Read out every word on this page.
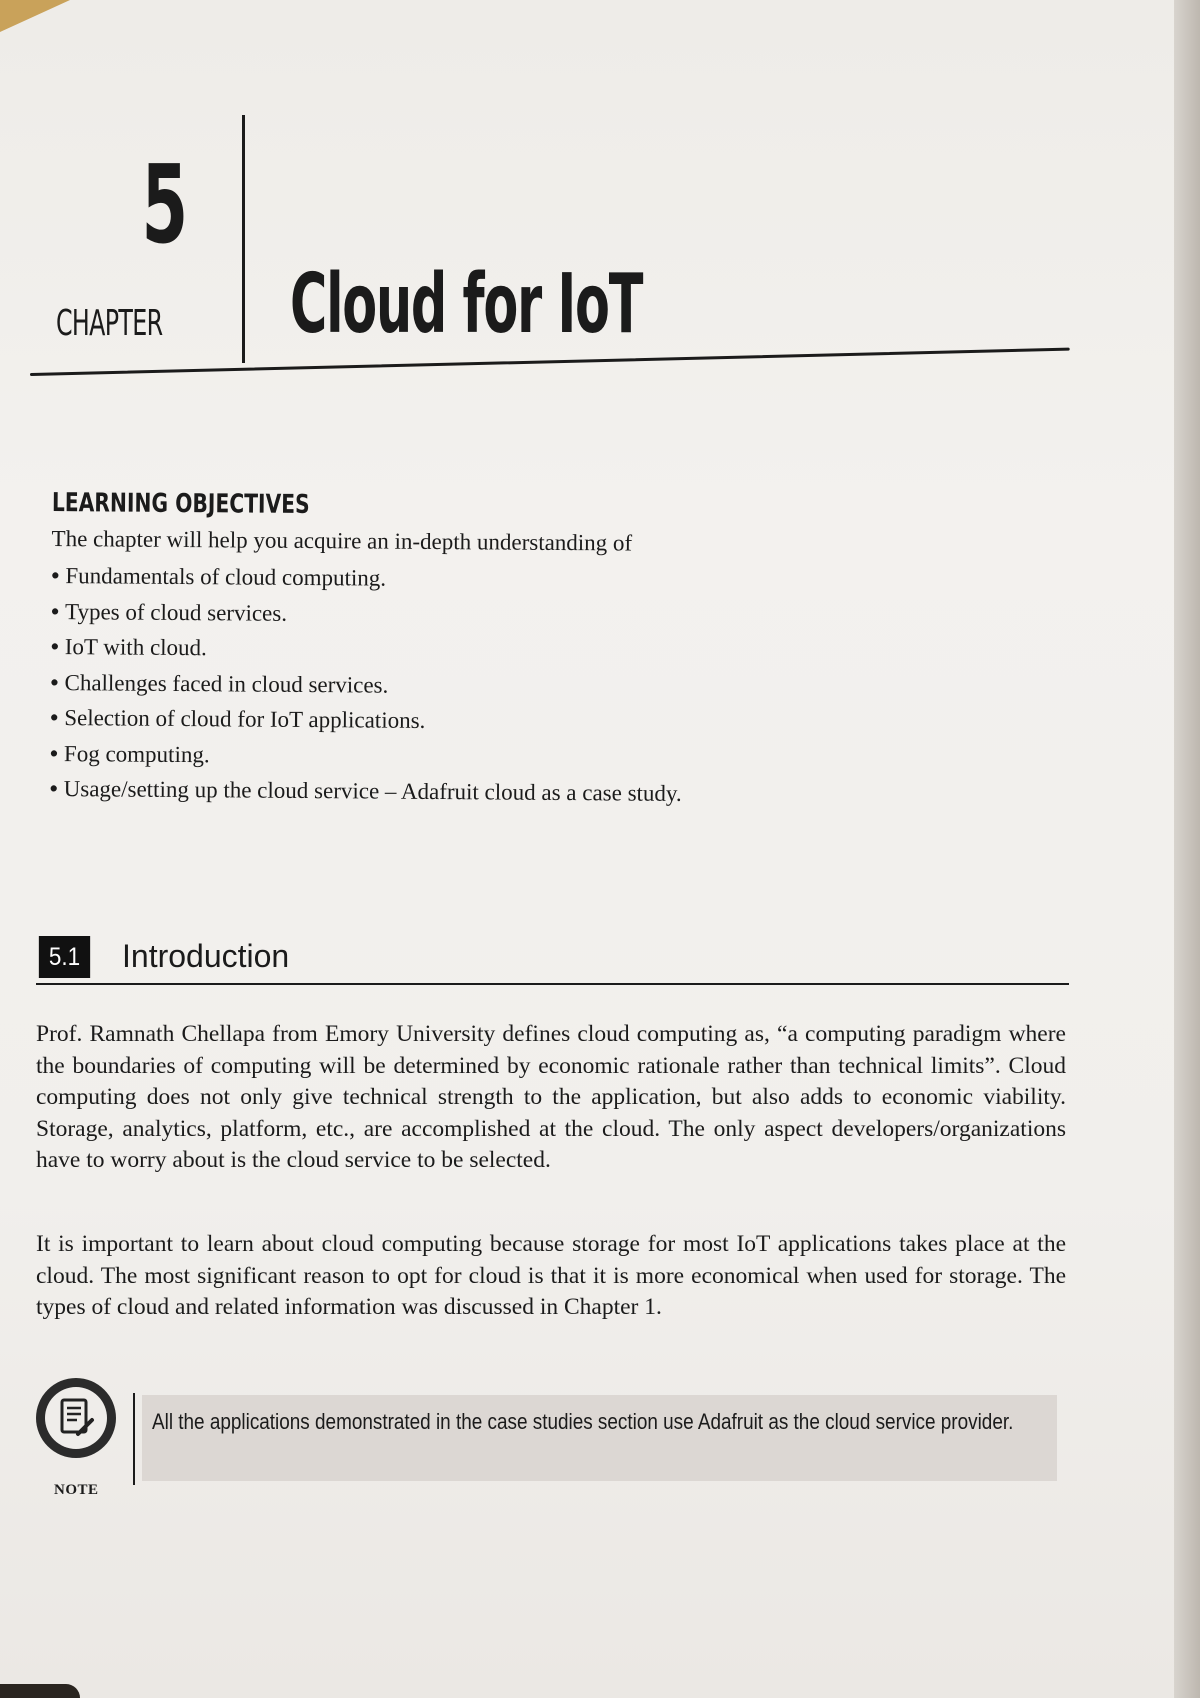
5
CHAPTER Cloud for IoT
LEARNING OBJECTIVES
The chapter will help you acquire an in-depth understanding of
• Fundamentals of cloud computing.
• Types of cloud services.
• IoT with cloud.
• Challenges faced in cloud services.
• Selection of cloud for IoT applications.
• Fog computing.
• Usage/setting up the cloud service – Adafruit cloud as a case study.
5.1	Introduction

Prof. Ramnath Chellapa from Emory University defines cloud computing as, “a computing paradigm where the boundaries of computing will be determined by economic rationale rather than technical limits”. Cloud computing does not only give technical strength to the application, but also adds to economic viability. Storage, analytics, platform, etc., are accomplished at the cloud. The only aspect developers/organizations have to worry about is the cloud service to be selected.

It is important to learn about cloud computing because storage for most IoT applications takes place at the cloud. The most significant reason to opt for cloud is that it is more economical when used for storage. The types of cloud and related information was discussed in Chapter 1.

NOTE

All the applications demonstrated in the case studies section use Adafruit as the cloud service provider.
